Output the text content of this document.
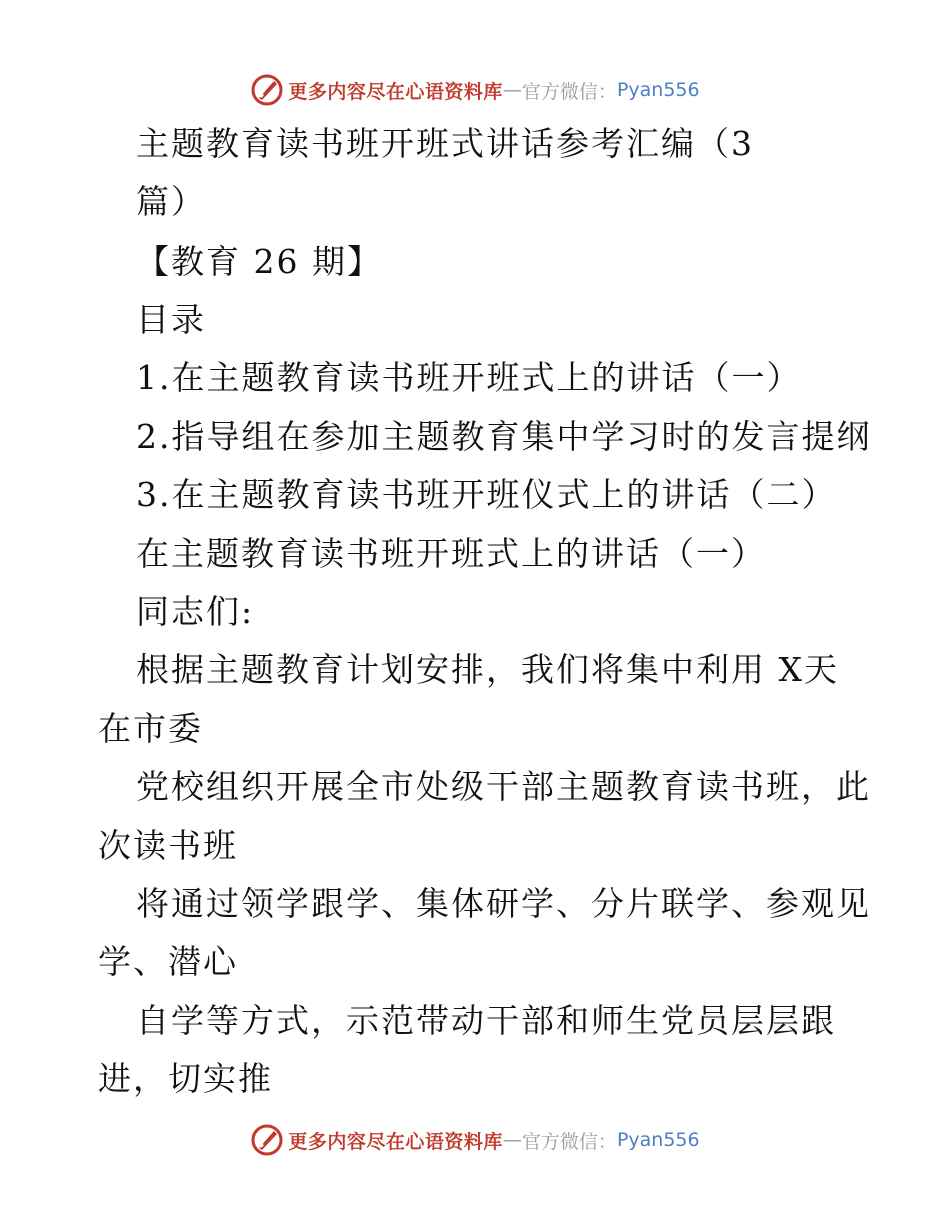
更多内容尽在心语资料库 — 官方微信： Pyan556
主题教育读书班开班式讲话参考汇编（3
篇）
【教育 26 期】
目录
1.在主题教育读书班开班式上的讲话（一）
2.指导组在参加主题教育集中学习时的发言提纲
3.在主题教育读书班开班仪式上的讲话（二）
在主题教育读书班开班式上的讲话（一）
同志们:
根据主题教育计划安排，我们将集中利用 X天
在市委
党校组织开展全市处级干部主题教育读书班，此
次读书班
将通过领学跟学、集体研学、分片联学、参观见
学、潜心
自学等方式，示范带动干部和师生党员层层跟
进，切实推
更多内容尽在心语资料库 — 官方微信： Pyan556
